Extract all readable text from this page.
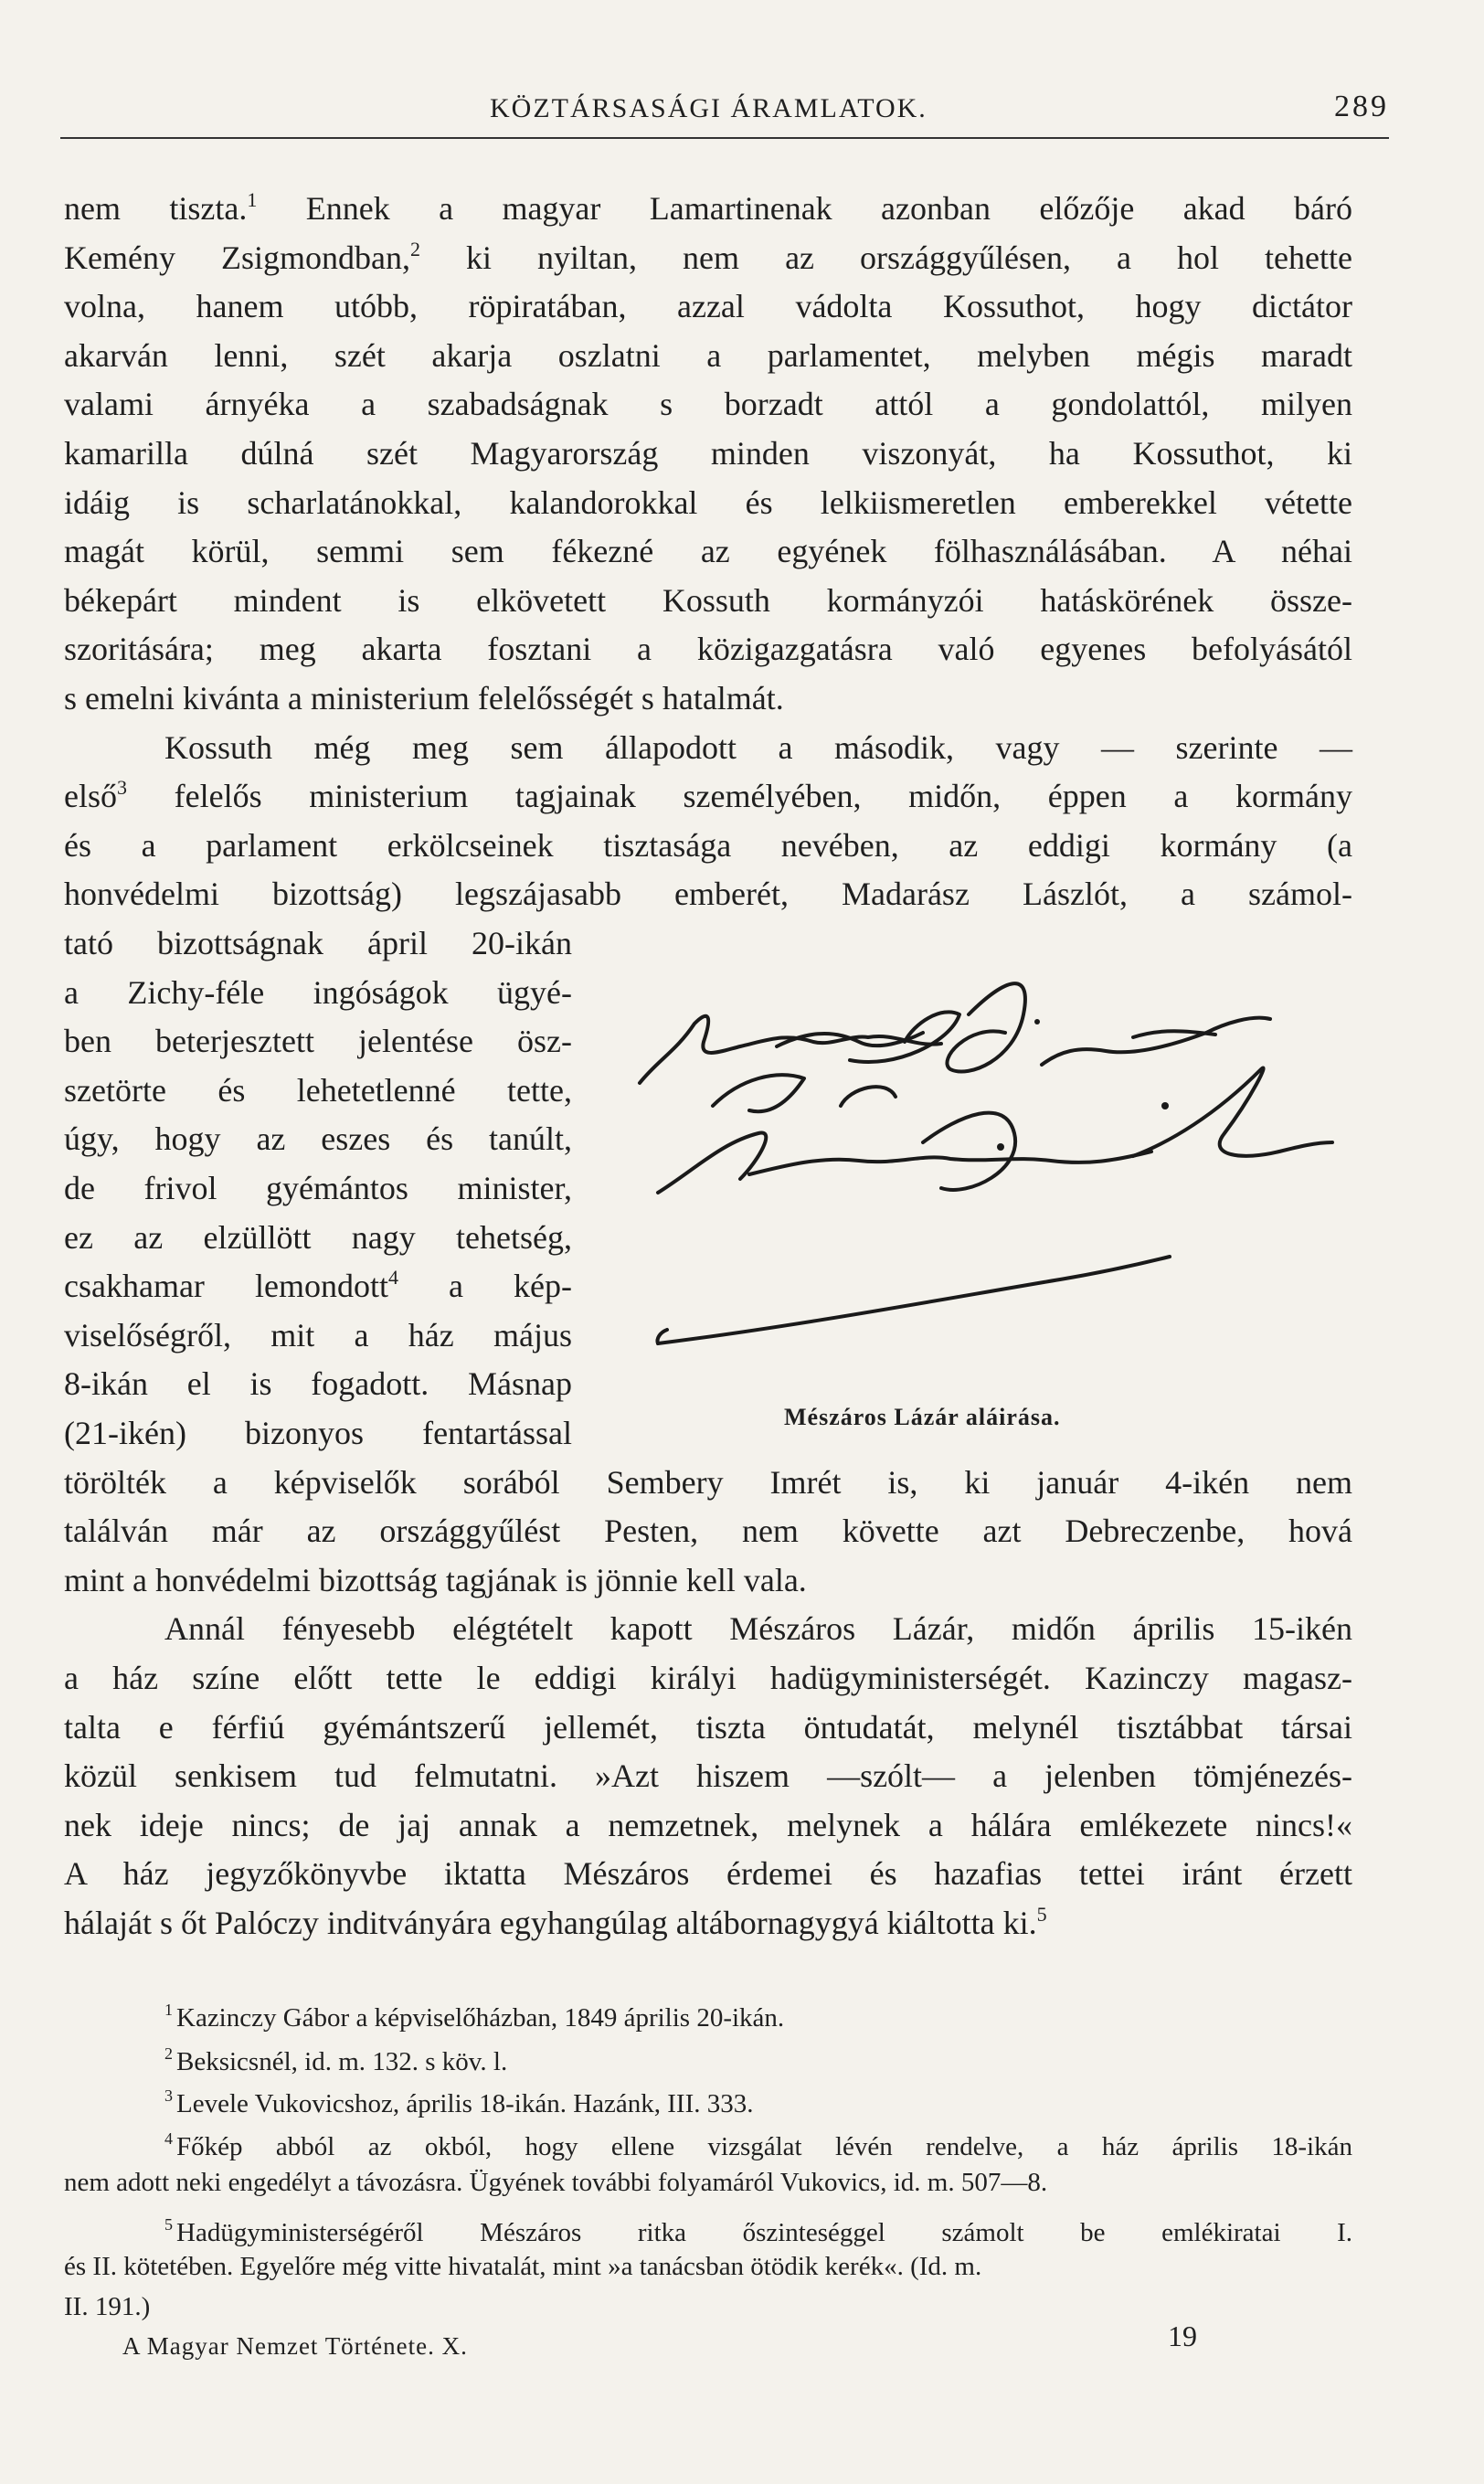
KÖZTÁRSASÁGI ÁRAMLATOK.	289
nem tiszta.$^1$ Ennek a magyar Lamartinenak azonban előzője akad báró
Kemény Zsigmondban,$^2$ ki nyiltan, nem az országgyűlésen, a hol tehette
volna, hanem utóbb, röpiratában, azzal vádolta Kossuthot, hogy dictátor
akarván lenni, szét akarja oszlatni a parlamentet, melyben mégis maradt
valami árnyéka a szabadságnak s borzadt attól a gondolattól, milyen
kamarilla dúlná szét Magyarország minden viszonyát, ha Kossuthot, ki
idáig is scharlatánokkal, kalandorokkal és lelkiismeretlen emberekkel vétette
magát körül, semmi sem fékezné az egyének fölhasználásában. A néhai
békepárt mindent is elkövetett Kossuth kormányzói hatáskörének össze-
szoritására; meg akarta fosztani a közigazgatásra való egyenes befolyásától
s emelni kivánta a ministerium felelősségét s hatalmát.
Kossuth még meg sem állapodott a második, vagy — szerinte —
első$^3$ felelős ministerium tagjainak személyében, midőn, éppen a kormány
és a parlament erkölcseinek tisztasága nevében, az eddigi kormány (a
honvédelmi bizottság) legszájasabb emberét, Madarász Lászlót, a számol-
tató bizottságnak ápril 20-ikán
a Zichy-féle ingóságok ügyé-
ben beterjesztett jelentése ösz-
szetörte és lehetetlenné tette,
úgy, hogy az eszes és tanúlt,
de frivol gyémántos minister,
ez az elzüllött nagy tehetség,
csakhamar lemondott$^4$ a kép-
viselőségről, mit a ház május
8-ikán el is fogadott. Másnap
(21-ikén) bizonyos fentartással
törölték a képviselők sorából Sembery Imrét is, ki január 4-ikén nem
találván már az országgyűlést Pesten, nem követte azt Debreczenbe, hová
mint a honvédelmi bizottság tagjának is jönnie kell vala.
Annál fényesebb elégtételt kapott Mészáros Lázár, midőn április 15-ikén
a ház színe előtt tette le eddigi királyi hadügyministerségét. Kazinczy magasz-
talta e férfiú gyémántszerű jellemét, tiszta öntudatát, melynél tisztábbat társai
közül senkisem tud felmutatni. »Azt hiszem —szólt— a jelenben tömjénezés-
nek ideje nincs; de jaj annak a nemzetnek, melynek a hálára emlékezete nincs!«
A ház jegyzőkönyvbe iktatta Mészáros érdemei és hazafias tettei iránt érzett
hálaját s őt Palóczy inditványára egyhangúlag altábornagygyá kiáltotta ki.$^5$
Mészáros Lázár aláirása.
$^1$ Kazinczy Gábor a képviselőházban, 1849 április 20-ikán.
$^2$ Beksicsnél, id. m. 132. s köv. l.
$^3$ Levele Vukovicshoz, április 18-ikán. Hazánk, III. 333.
$^4$ Főkép abból az okból, hogy ellene vizsgálat lévén rendelve, a ház április 18-ikán
nem adott neki engedélyt a távozásra. Ügyének további folyamáról Vukovics, id. m. 507—8.
$^5$ Hadügyministerségéről Mészáros ritka őszinteséggel számolt be emlékiratai I.
és II. kötetében. Egyelőre még vitte hivatalát, mint »a tanácsban ötödik kerék«. (Id. m.
II. 191.)
A Magyar Nemzet Története. X.	19
